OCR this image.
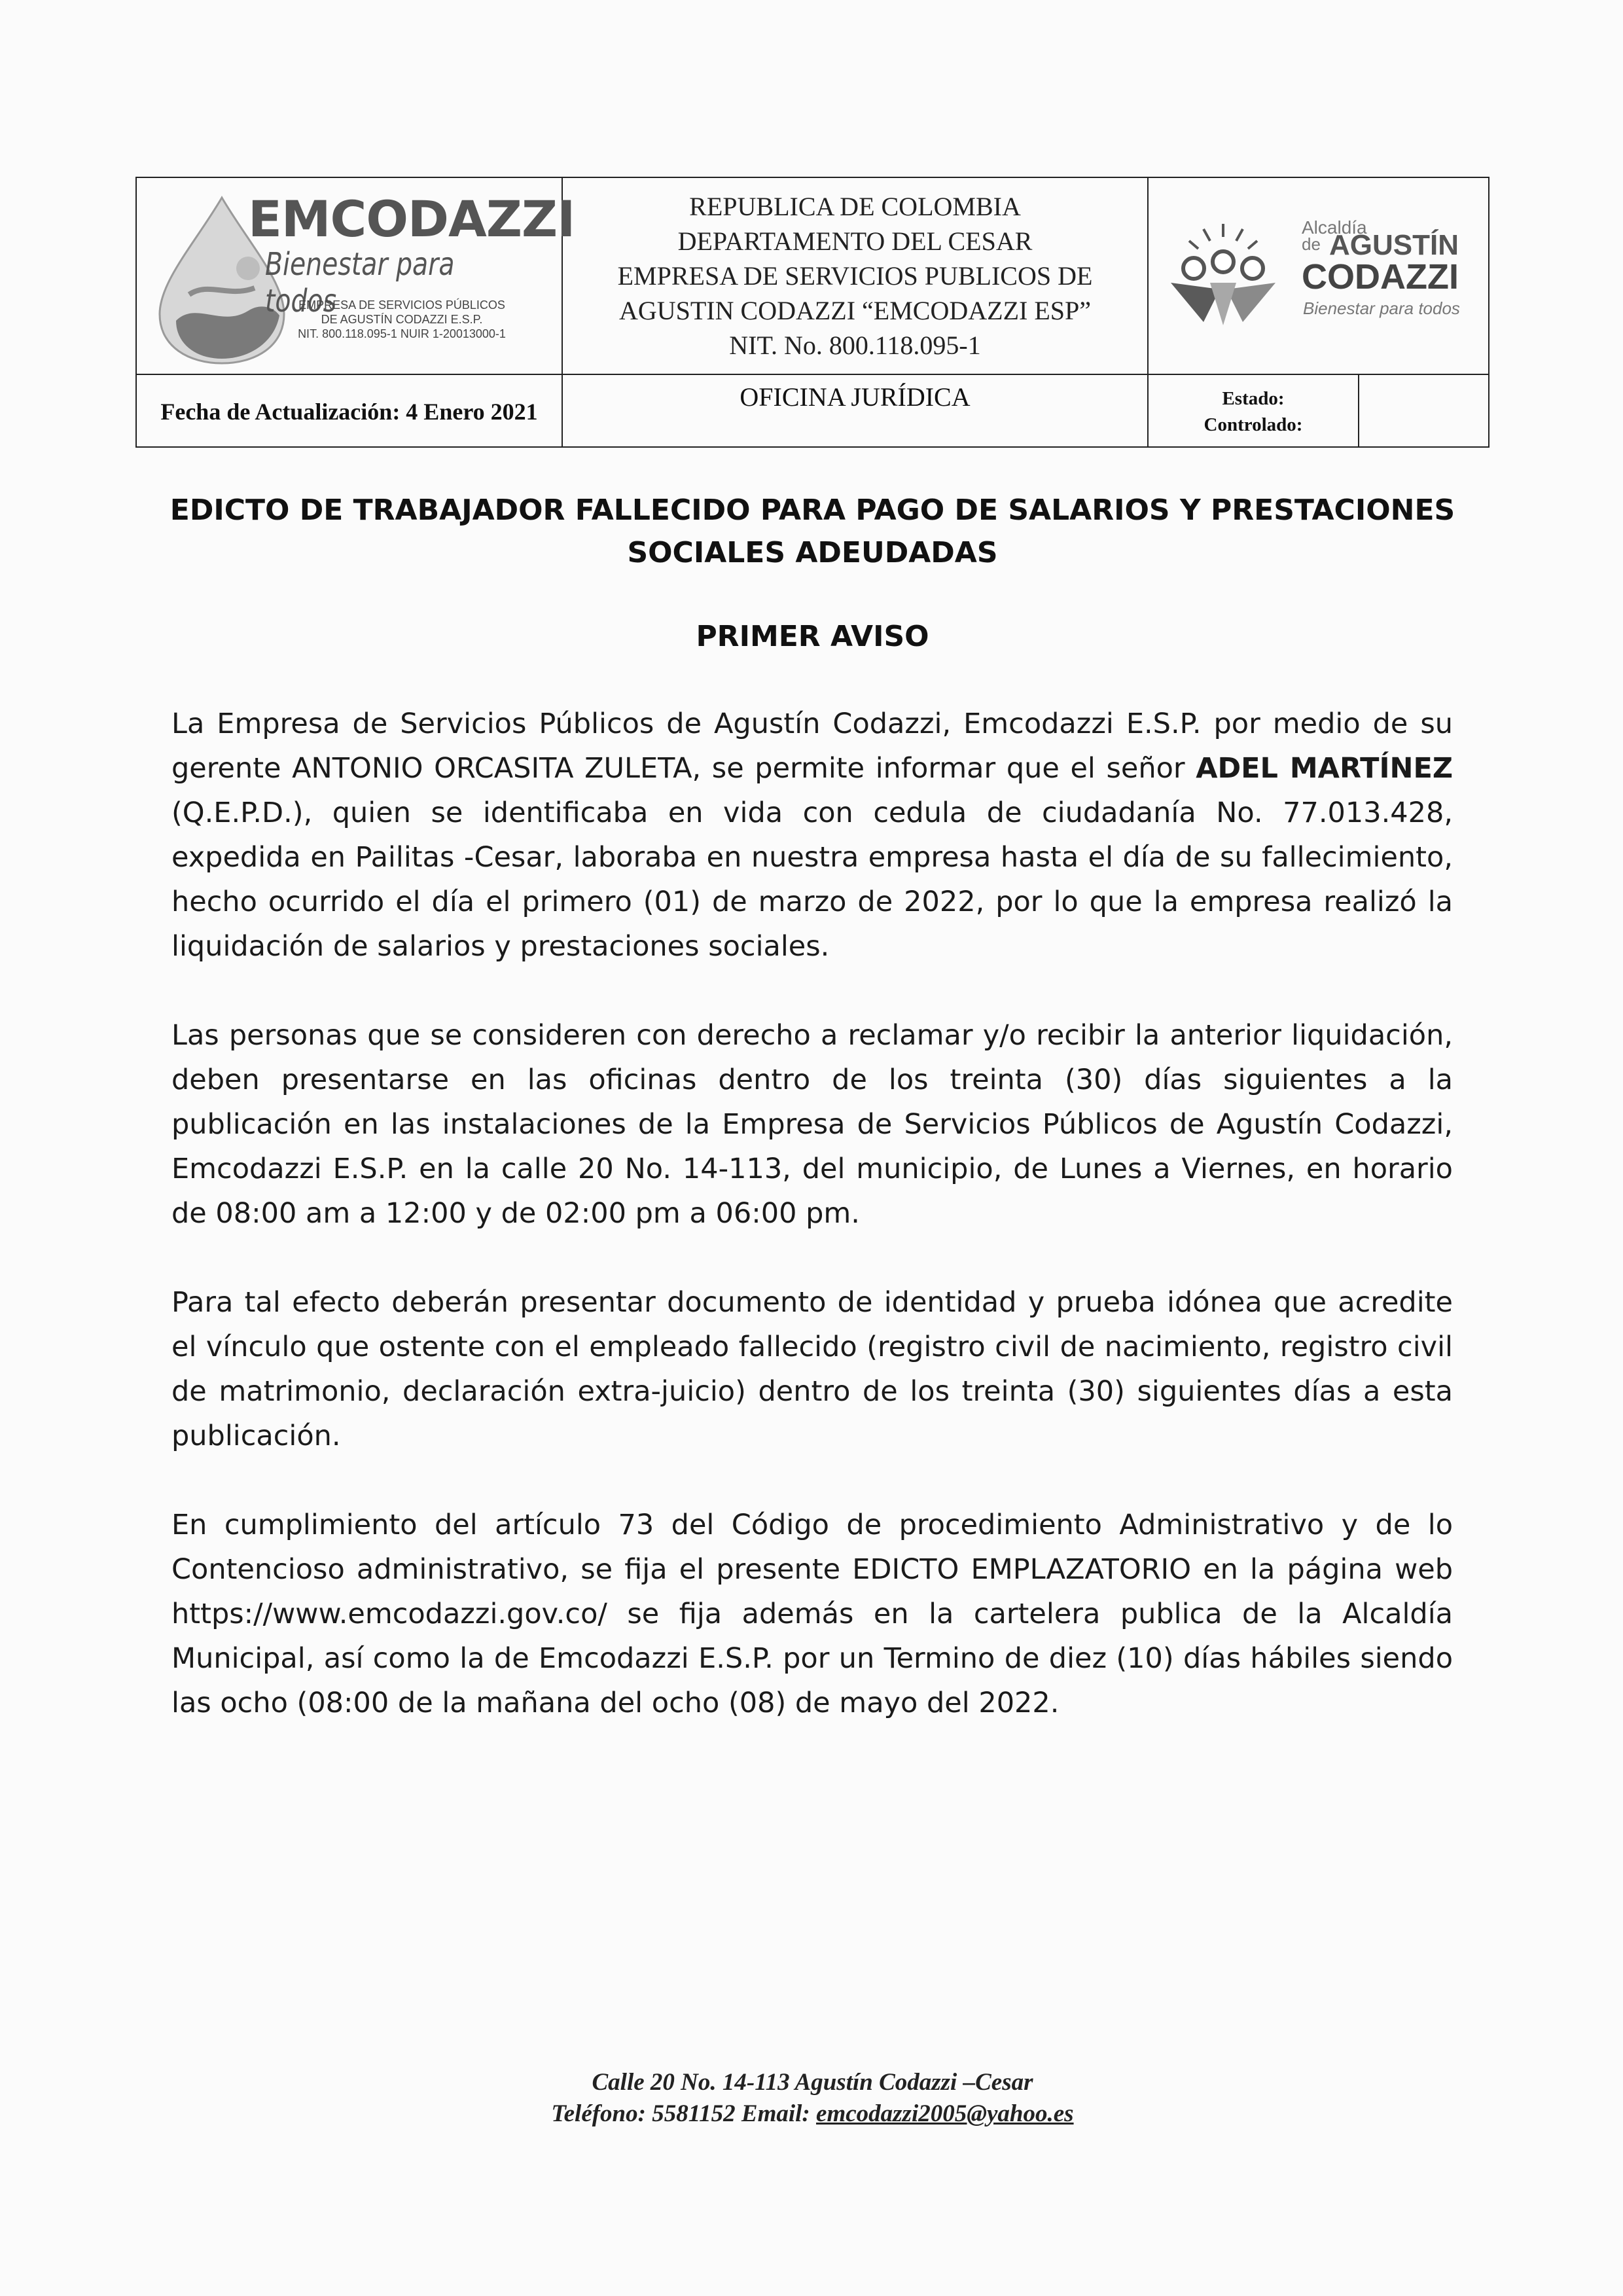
EMCODAZZI
Bienestar para todos
EMPRESA DE SERVICIOS PÚBLICOS
DE AGUSTÍN CODAZZI E.S.P.
NIT. 800.118.095-1 NUIR 1-20013000-1
REPUBLICA DE COLOMBIA
DEPARTAMENTO DEL CESAR
EMPRESA DE SERVICIOS PUBLICOS DE
AGUSTIN CODAZZI “EMCODAZZI ESP”
NIT. No. 800.118.095-1
Alcaldía
de AGUSTÍN
CODAZZI
Bienestar para todos
Fecha de Actualización: 4 Enero 2021	OFICINA JURÍDICA	Estado:
Controlado:
EDICTO DE TRABAJADOR FALLECIDO PARA PAGO DE SALARIOS Y PRESTACIONES
SOCIALES ADEUDADAS
PRIMER AVISO
La Empresa de Servicios Públicos de Agustín Codazzi, Emcodazzi E.S.P. por medio de su gerente ANTONIO ORCASITA ZULETA, se permite informar que el señor ADEL MARTÍNEZ (Q.E.P.D.), quien se identificaba en vida con cedula de ciudadanía No. 77.013.428, expedida en Pailitas -Cesar, laboraba en nuestra empresa hasta el día de su fallecimiento, hecho ocurrido el día el primero (01) de marzo de 2022, por lo que la empresa realizó la liquidación de salarios y prestaciones sociales.
Las personas que se consideren con derecho a reclamar y/o recibir la anterior liquidación, deben presentarse en las oficinas dentro de los treinta (30) días siguientes a la publicación en las instalaciones de la Empresa de Servicios Públicos de Agustín Codazzi, Emcodazzi E.S.P. en la calle 20 No. 14-113, del municipio, de Lunes a Viernes, en horario de 08:00 am a 12:00 y de 02:00 pm a 06:00 pm.
Para tal efecto deberán presentar documento de identidad y prueba idónea que acredite el vínculo que ostente con el empleado fallecido (registro civil de nacimiento, registro civil de matrimonio, declaración extra-juicio) dentro de los treinta (30) siguientes días a esta publicación.
En cumplimiento del artículo 73 del Código de procedimiento Administrativo y de lo Contencioso administrativo, se fija el presente EDICTO EMPLAZATORIO en la página web https://www.emcodazzi.gov.co/ se fija además en la cartelera publica de la Alcaldía Municipal, así como la de Emcodazzi E.S.P. por un Termino de diez (10) días hábiles siendo las ocho (08:00 de la mañana del ocho (08) de mayo del 2022.
Calle 20 No. 14-113 Agustín Codazzi –Cesar
Teléfono: 5581152 Email: emcodazzi2005@yahoo.es
